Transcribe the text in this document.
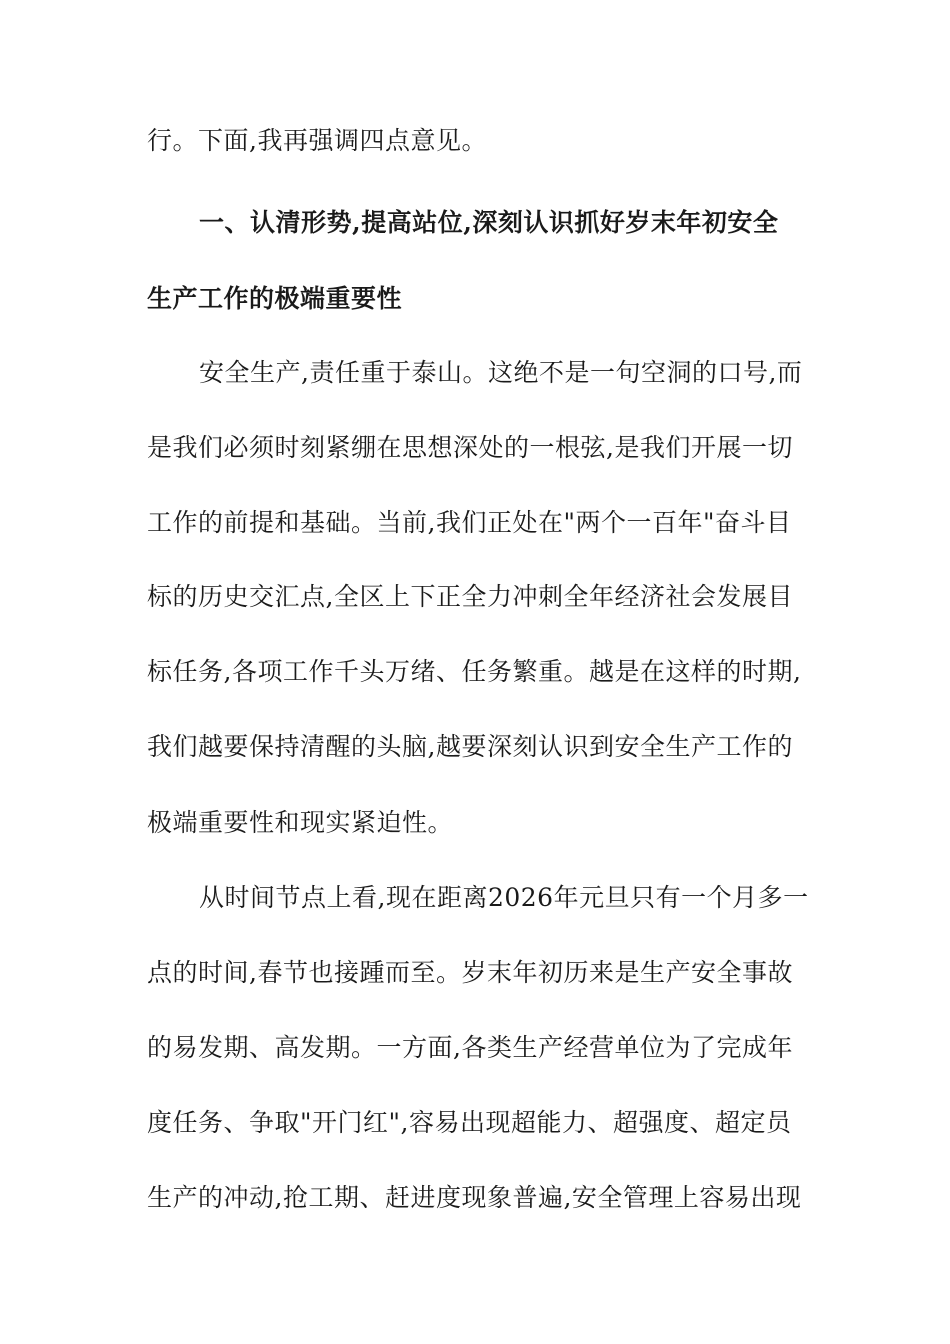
行。下面,我再强调四点意见。
一、认清形势,提高站位,深刻认识抓好岁末年初安全
生产工作的极端重要性
安全生产,责任重于泰山。这绝不是一句空洞的口号,而
是我们必须时刻紧绷在思想深处的一根弦,是我们开展一切
工作的前提和基础。当前,我们正处在"两个一百年"奋斗目
标的历史交汇点,全区上下正全力冲刺全年经济社会发展目
标任务,各项工作千头万绪、任务繁重。越是在这样的时期,
我们越要保持清醒的头脑,越要深刻认识到安全生产工作的
极端重要性和现实紧迫性。
从时间节点上看,现在距离2026年元旦只有一个月多一
点的时间,春节也接踵而至。岁末年初历来是生产安全事故
的易发期、高发期。一方面,各类生产经营单位为了完成年
度任务、争取"开门红",容易出现超能力、超强度、超定员
生产的冲动,抢工期、赶进度现象普遍,安全管理上容易出现
